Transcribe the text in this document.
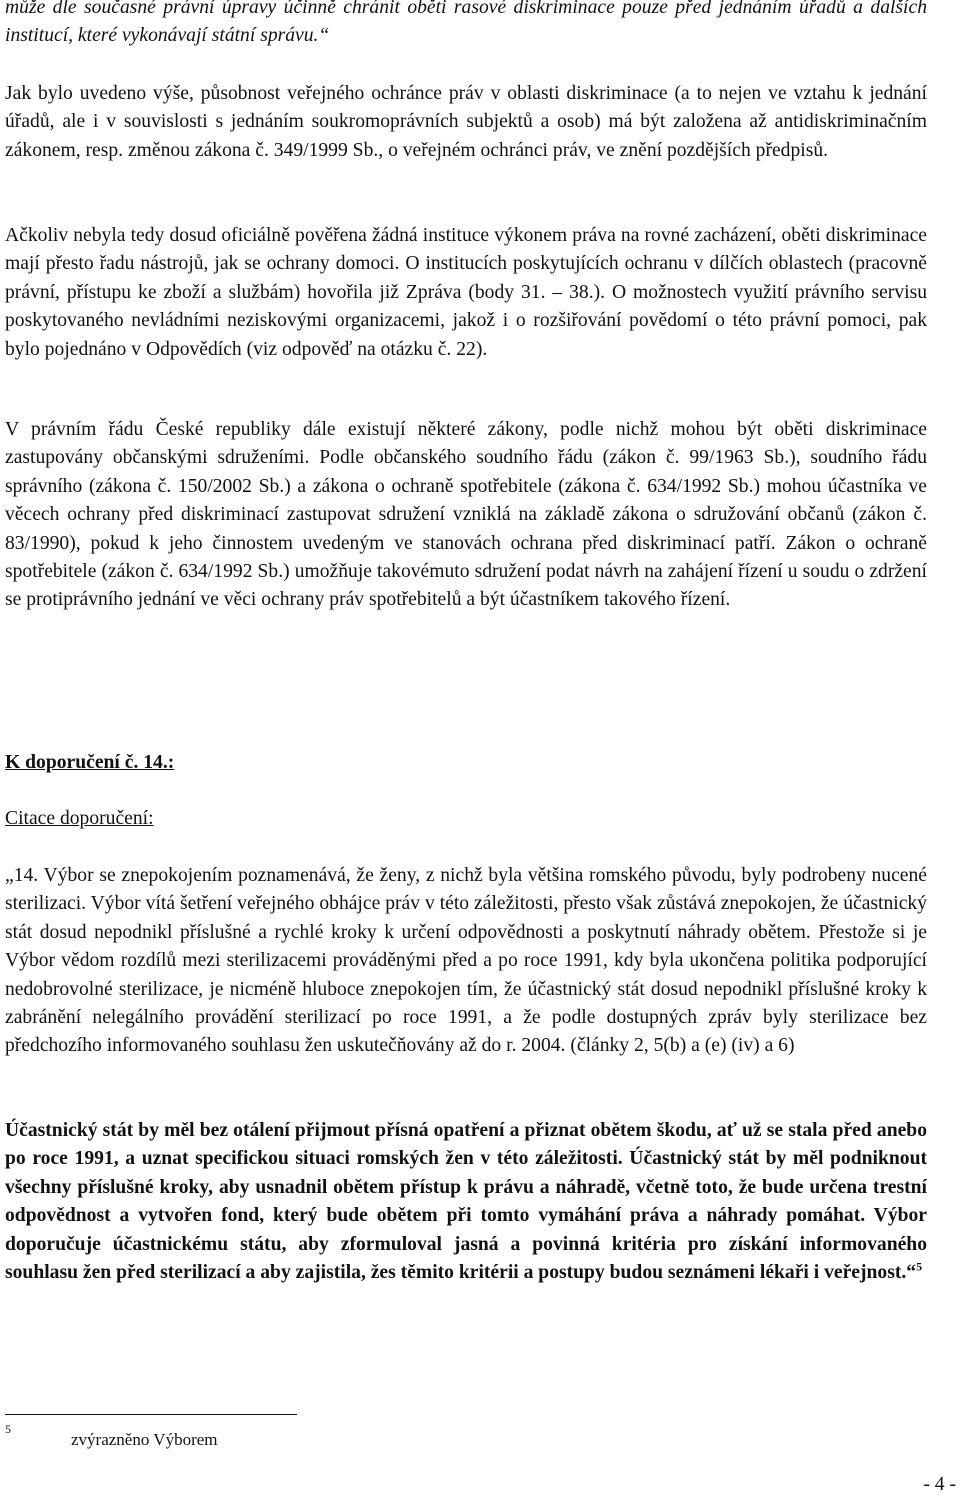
může dle současné právní úpravy účinně chránit oběti rasové diskriminace pouze před jednáním úřadů a dalších institucí, které vykonávají státní správu.“

Jak bylo uvedeno výše, působnost veřejného ochránce práv v oblasti diskriminace (a to nejen ve vztahu k jednání úřadů, ale i v souvislosti s jednáním soukromoprávních subjektů a osob) má být založena až antidiskriminačním zákonem, resp. změnou zákona č. 349/1999 Sb., o veřejném ochránci práv, ve znění pozdějších předpisů.

Ačkoliv nebyla tedy dosud oficiálně pověřena žádná instituce výkonem práva na rovné zacházení, oběti diskriminace mají přesto řadu nástrojů, jak se ochrany domoci. O institucích poskytujících ochranu v dílčích oblastech (pracovně právní, přístupu ke zboží a službám) hovořila již Zpráva (body 31. – 38.). O možnostech využití právního servisu poskytovaného nevládními neziskovými organizacemi, jakož i o rozšiřování povědomí o této právní pomoci, pak bylo pojednáno v Odpovědích (viz odpověď na otázku č. 22).

V právním řádu České republiky dále existují některé zákony, podle nichž mohou být oběti diskriminace zastupovány občanskými sdruženími. Podle občanského soudního řádu (zákon č. 99/1963 Sb.), soudního řádu správního (zákona č. 150/2002 Sb.) a zákona o ochraně spotřebitele (zákona č. 634/1992 Sb.) mohou účastníka ve věcech ochrany před diskriminací zastupovat sdružení vzniklá na základě zákona o sdružování občanů (zákon č. 83/1990), pokud k jeho činnostem uvedeným ve stanovách ochrana před diskriminací patří. Zákon o ochraně spotřebitele (zákon č. 634/1992 Sb.) umožňuje takovémuto sdružení podat návrh na zahájení řízení u soudu o zdržení se protiprávního jednání ve věci ochrany práv spotřebitelů a být účastníkem takového řízení.

K doporučení č. 14.:
Citace doporučení:

„14. Výbor se znepokojením poznamenává, že ženy, z nichž byla většina romského původu, byly podrobeny nucené sterilizaci. Výbor vítá šetření veřejného obhájce práv v této záležitosti, přesto však zůstává znepokojen, že účastnický stát dosud nepodnikl příslušné a rychlé kroky k určení odpovědnosti a poskytnutí náhrady obětem. Přestože si je Výbor vědom rozdílů mezi sterilizacemi prováděnými před a po roce 1991, kdy byla ukončena politika podporující nedobrovolné sterilizace, je nicméně hluboce znepokojen tím, že účastnický stát dosud nepodnikl příslušné kroky k zabránění nelegálního provádění sterilizací po roce 1991, a že podle dostupných zpráv byly sterilizace bez předchozího informovaného souhlasu žen uskutečňovány až do r. 2004. (články 2, 5(b) a (e) (iv) a 6)

Účastnický stát by měl bez otálení přijmout přísná opatření a přiznat obětem škodu, ať už se stala před anebo po roce 1991, a uznat specifickou situaci romských žen v této záležitosti. Účastnický stát by měl podniknout všechny příslušné kroky, aby usnadnil obětem přístup k právu a náhradě, včetně toto, že bude určena trestní odpovědnost a vytvořen fond, který bude obětem při tomto vymáhání práva a náhrady pomáhat. Výbor doporučuje účastnickému státu, aby zformuloval jasná a povinná kritéria pro získání informovaného souhlasu žen před sterilizací a aby zajistila, žes těmito kritérii a postupy budou seznámeni lékaři i veřejnost.“$^5$

5
zvýrazněno Výborem
- 4 -
